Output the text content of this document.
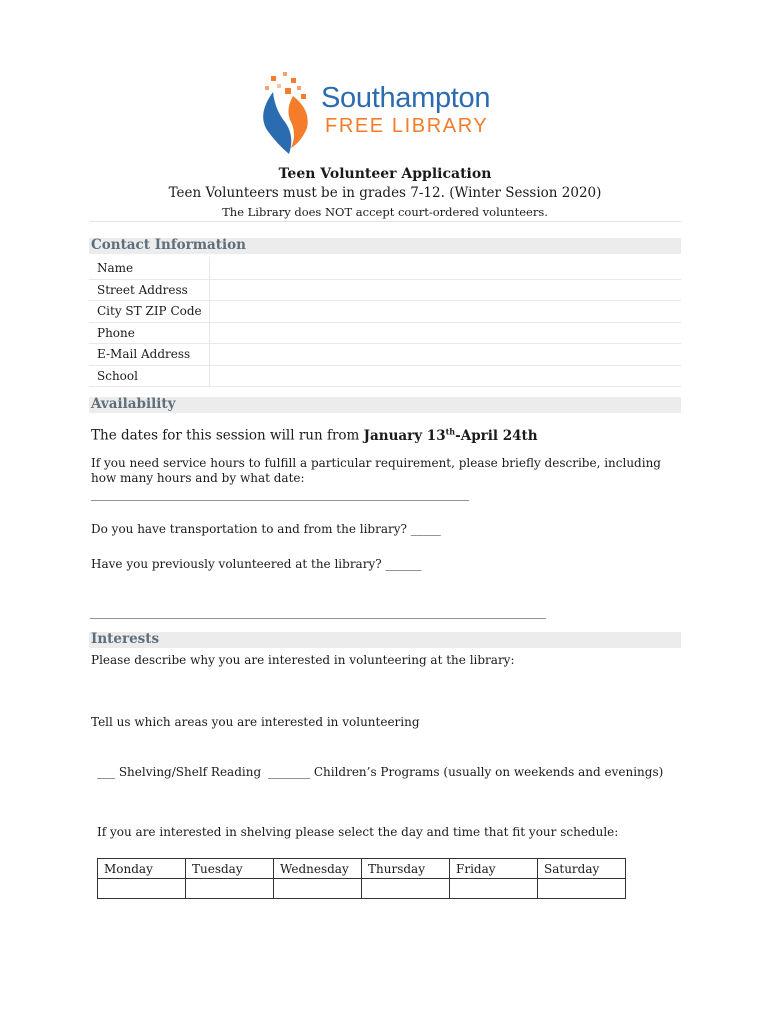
Southampton
FREE LIBRARY
Teen Volunteer Application
Teen Volunteers must be in grades 7-12. (Winter Session 2020)
The Library does NOT accept court-ordered volunteers.
Contact Information
Name	
Street Address	
City ST ZIP Code	
Phone	
E-Mail Address	
School	
Availability
The dates for this session will run from January 13th-April 24th
If you need service hours to fulfill a particular requirement, please briefly describe, including how many hours and by what date:
_______________________________________________________________
Do you have transportation to and from the library? _____
Have you previously volunteered at the library? ______
____________________________________________________________________________
Interests
Please describe why you are interested in volunteering at the library:
Tell us which areas you are interested in volunteering
___ Shelving/Shelf Reading _______ Children’s Programs (usually on weekends and evenings)
If you are interested in shelving please select the day and time that fit your schedule:
Monday	Tuesday	Wednesday	Thursday	Friday	Saturday
